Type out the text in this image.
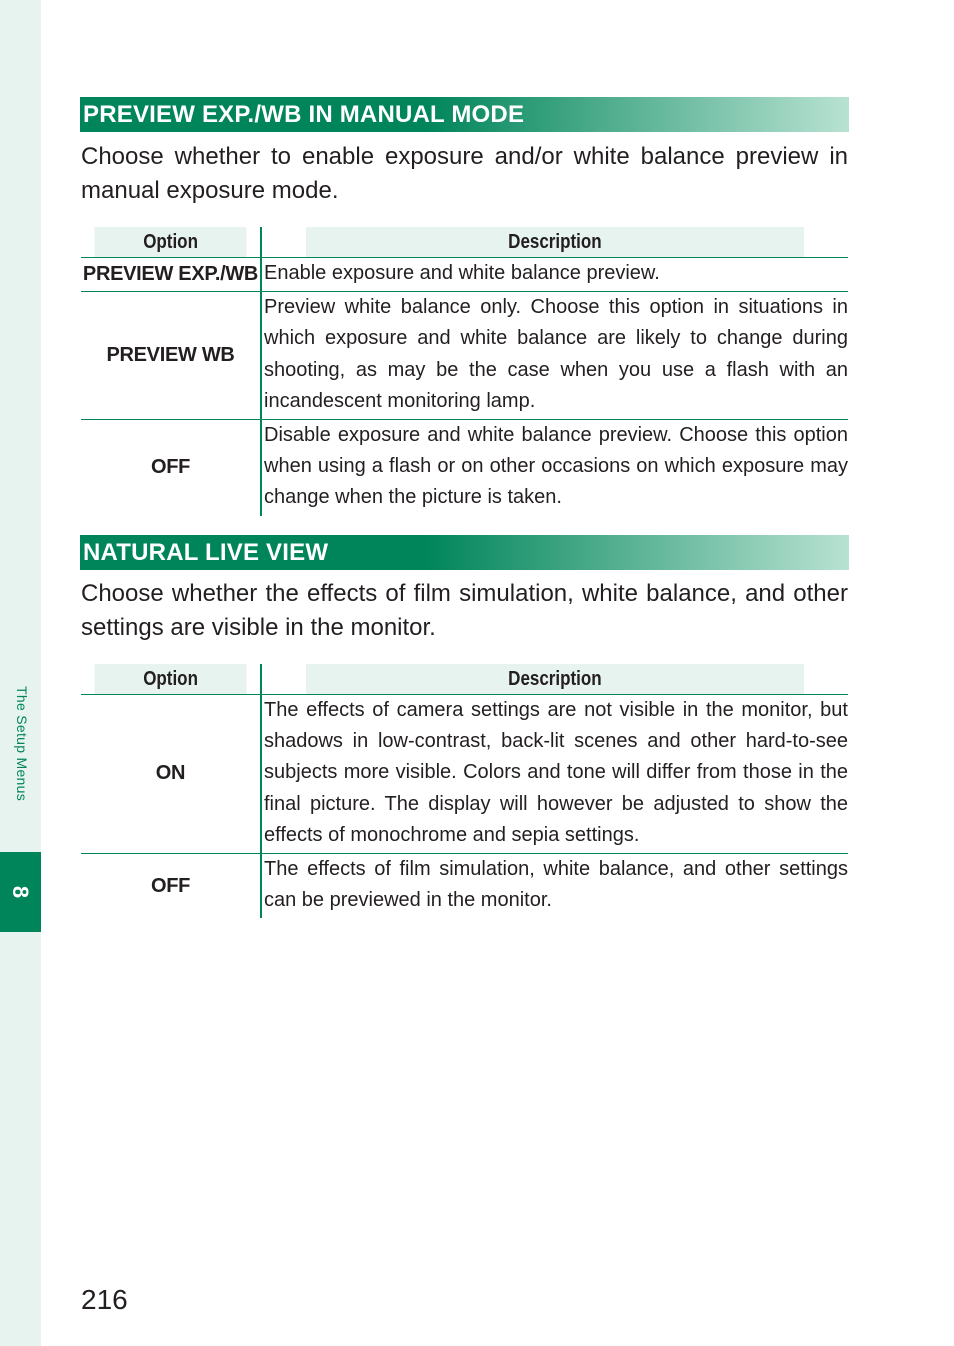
The Setup Menus
8
PREVIEW EXP./WB IN MANUAL MODE
Choose whether to enable exposure and/or white balance preview in manual exposure mode.
Option	Description
PREVIEW EXP./WB	Enable exposure and white balance preview.
PREVIEW WB	Preview white balance only. Choose this option in situations in which exposure and white balance are likely to change during shooting, as may be the case when you use a flash with an incandescent monitoring lamp.
OFF	Disable exposure and white balance preview. Choose this option when using a flash or on other occasions on which exposure may change when the picture is taken.
NATURAL LIVE VIEW
Choose whether the effects of film simulation, white balance, and other settings are visible in the monitor.
Option	Description
ON	The effects of camera settings are not visible in the monitor, but shadows in low-contrast, back-lit scenes and other hard-to-see subjects more visible. Colors and tone will differ from those in the final picture. The display will however be adjusted to show the effects of monochrome and sepia settings.
OFF	The effects of film simulation, white balance, and other settings can be previewed in the monitor.
216
